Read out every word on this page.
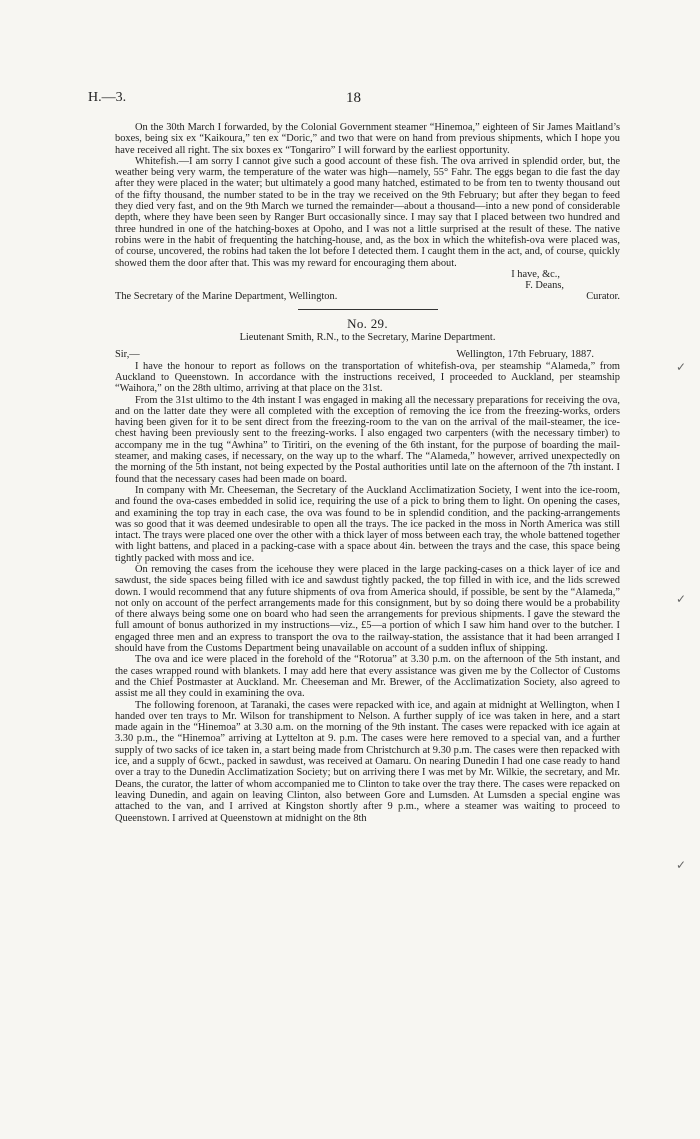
H.—3.	18

On the 30th March I forwarded, by the Colonial Government steamer “Hinemoa,” eighteen of Sir James Maitland’s boxes, being six ex “Kaikoura,” ten ex “Doric,” and two that were on hand from previous shipments, which I hope you have received all right. The six boxes ex “Tongariro” I will forward by the earliest opportunity.

Whitefish.—I am sorry I cannot give such a good account of these fish. The ova arrived in splendid order, but, the weather being very warm, the temperature of the water was high—namely, 55° Fahr. The eggs began to die fast the day after they were placed in the water; but ultimately a good many hatched, estimated to be from ten to twenty thousand out of the fifty thousand, the number stated to be in the tray we received on the 9th February; but after they began to feed they died very fast, and on the 9th March we turned the remainder—about a thousand—into a new pond of considerable depth, where they have been seen by Ranger Burt occasionally since. I may say that I placed between two hundred and three hundred in one of the hatching-boxes at Opoho, and I was not a little surprised at the result of these. The native robins were in the habit of frequenting the hatching-house, and, as the box in which the whitefish-ova were placed was, of course, uncovered, the robins had taken the lot before I detected them. I caught them in the act, and, of course, quickly showed them the door after that. This was my reward for encouraging them about.

I have, &c.,

F. Deans,

The Secretary of the Marine Department, Wellington.	Curator.
No. 29.
Lieutenant Smith, R.N., to the Secretary, Marine Department.
Sir,—	Wellington, 17th February, 1887.

I have the honour to report as follows on the transportation of whitefish-ova, per steamship “Alameda,” from Auckland to Queenstown. In accordance with the instructions received, I proceeded to Auckland, per steamship “Waihora,” on the 28th ultimo, arriving at that place on the 31st.

From the 31st ultimo to the 4th instant I was engaged in making all the necessary preparations for receiving the ova, and on the latter date they were all completed with the exception of removing the ice from the freezing-works, orders having been given for it to be sent direct from the freezing-room to the van on the arrival of the mail-steamer, the ice-chest having been previously sent to the freezing-works. I also engaged two carpenters (with the necessary timber) to accompany me in the tug “Awhina” to Tiritiri, on the evening of the 6th instant, for the purpose of boarding the mail-steamer, and making cases, if necessary, on the way up to the wharf. The “Alameda,” however, arrived unexpectedly on the morning of the 5th instant, not being expected by the Postal authorities until late on the afternoon of the 7th instant. I found that the necessary cases had been made on board.

In company with Mr. Cheeseman, the Secretary of the Auckland Acclimatization Society, I went into the ice-room, and found the ova-cases embedded in solid ice, requiring the use of a pick to bring them to light. On opening the cases, and examining the top tray in each case, the ova was found to be in splendid condition, and the packing-arrangements was so good that it was deemed undesirable to open all the trays. The ice packed in the moss in North America was still intact. The trays were placed one over the other with a thick layer of moss between each tray, the whole battened together with light battens, and placed in a packing-case with a space about 4in. between the trays and the case, this space being tightly packed with moss and ice.

On removing the cases from the icehouse they were placed in the large packing-cases on a thick layer of ice and sawdust, the side spaces being filled with ice and sawdust tightly packed, the top filled in with ice, and the lids screwed down. I would recommend that any future shipments of ova from America should, if possible, be sent by the “Alameda,” not only on account of the perfect arrangements made for this consignment, but by so doing there would be a probability of there always being some one on board who had seen the arrangements for previous shipments. I gave the steward the full amount of bonus authorized in my instructions—viz., £5—a portion of which I saw him hand over to the butcher. I engaged three men and an express to transport the ova to the railway-station, the assistance that it had been arranged I should have from the Customs Department being unavailable on account of a sudden influx of shipping.

The ova and ice were placed in the forehold of the “Rotorua” at 3.30 p.m. on the afternoon of the 5th instant, and the cases wrapped round with blankets. I may add here that every assistance was given me by the Collector of Customs and the Chief Postmaster at Auckland. Mr. Cheeseman and Mr. Brewer, of the Acclimatization Society, also agreed to assist me all they could in examining the ova.

The following forenoon, at Taranaki, the cases were repacked with ice, and again at midnight at Wellington, when I handed over ten trays to Mr. Wilson for transhipment to Nelson. A further supply of ice was taken in here, and a start made again in the “Hinemoa” at 3.30 a.m. on the morning of the 9th instant. The cases were repacked with ice again at 3.30 p.m., the “Hinemoa” arriving at Lyttelton at 9. p.m. The cases were here removed to a special van, and a further supply of two sacks of ice taken in, a start being made from Christchurch at 9.30 p.m. The cases were then repacked with ice, and a supply of 6cwt., packed in sawdust, was received at Oamaru. On nearing Dunedin I had one case ready to hand over a tray to the Dunedin Acclimatization Society; but on arriving there I was met by Mr. Wilkie, the secretary, and Mr. Deans, the curator, the latter of whom accompanied me to Clinton to take over the tray there. The cases were repacked on leaving Dunedin, and again on leaving Clinton, also between Gore and Lumsden. At Lumsden a special engine was attached to the van, and I arrived at Kingston shortly after 9 p.m., where a steamer was waiting to proceed to Queenstown. I arrived at Queenstown at midnight on the 8th

✓
✓
✓
